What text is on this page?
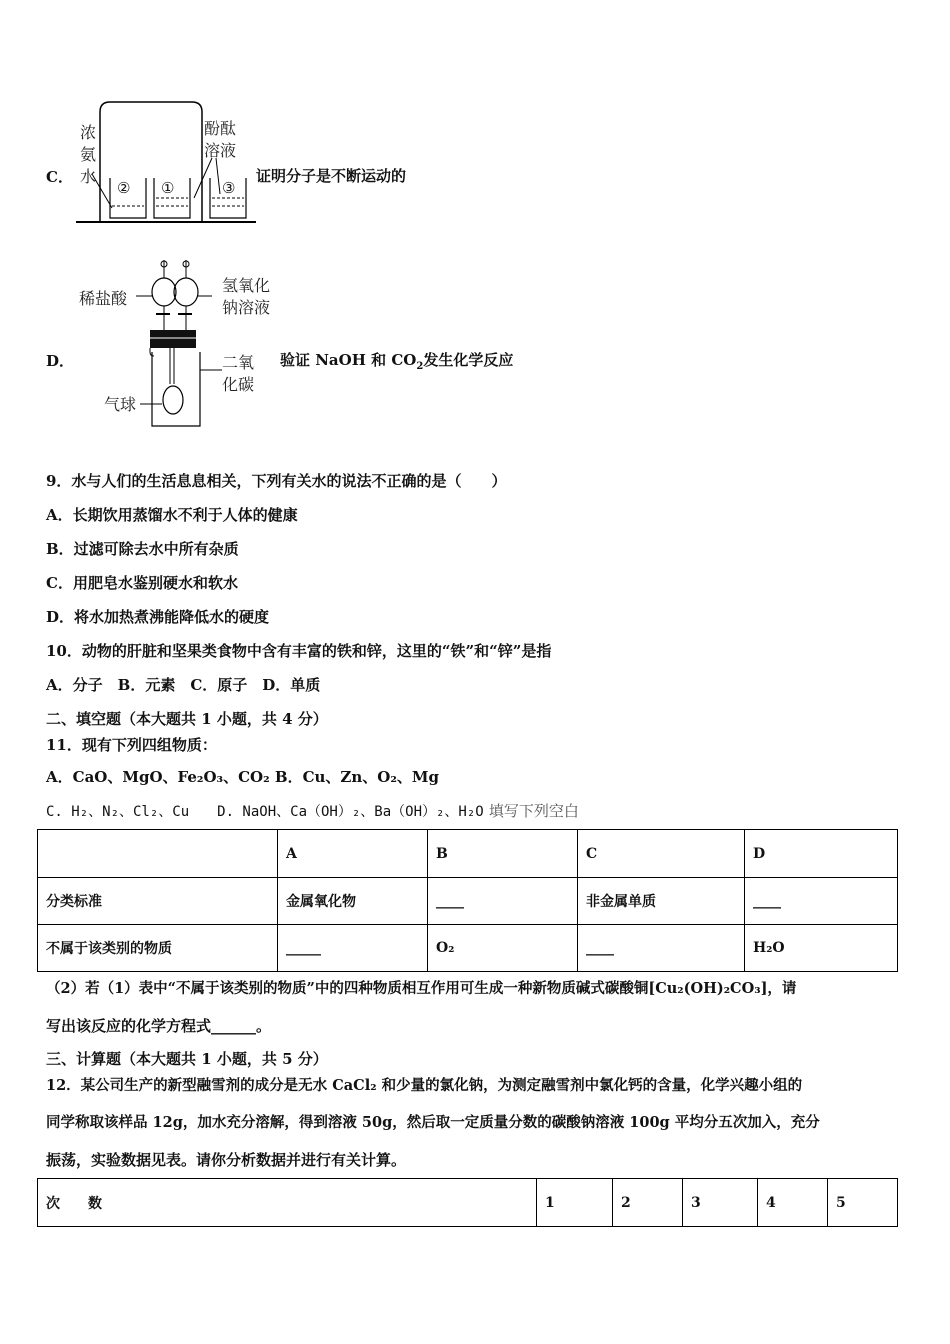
C．
浓氨水
酚酞溶液
② ①	③
证明分子是不断运动的
D．
稀盐酸
氢氧化钠溶液
二氧化碳
气球
验证 NaOH 和 $CO_2$发生化学反应
9．水与人们的生活息息相关，下列有关水的说法不正确的是（　　）
A．长期饮用蒸馏水不利于人体的健康
B．过滤可除去水中所有杂质
C．用肥皂水鉴别硬水和软水
D．将水加热煮沸能降低水的硬度
10．动物的肝脏和坚果类食物中含有丰富的铁和锌，这里的“铁”和“锌”是指
A．分子　B．元素　C．原子　D．单质
二、填空题（本大题共 1 小题，共 4 分）
11．现有下列四组物质：
A．CaO、MgO、Fe₂O₃、CO₂ B．Cu、Zn、O₂、Mg
C. H₂、N₂、Cl₂、Cu　　D. NaOH、Ca（OH）₂、Ba（OH）₂、H₂O 填写下列空白
	A	B	C	D
分类标准	金属氧化物	____	非金属单质	____
不属于该类别的物质	_____	O₂	____	H₂O
（2）若（1）表中“不属于该类别的物质”中的四种物质相互作用可生成一种新物质碱式碳酸铜[Cu₂(OH)₂CO₃]，请
写出该反应的化学方程式______。
三、计算题（本大题共 1 小题，共 5 分）
12．某公司生产的新型融雪剂的成分是无水 CaCl₂ 和少量的氯化钠，为测定融雪剂中氯化钙的含量，化学兴趣小组的
同学称取该样品 12g，加水充分溶解，得到溶液 50g，然后取一定质量分数的碳酸钠溶液 100g 平均分五次加入，充分
振荡，实验数据见表。请你分析数据并进行有关计算。
次　　数	1	2	3	4	5
